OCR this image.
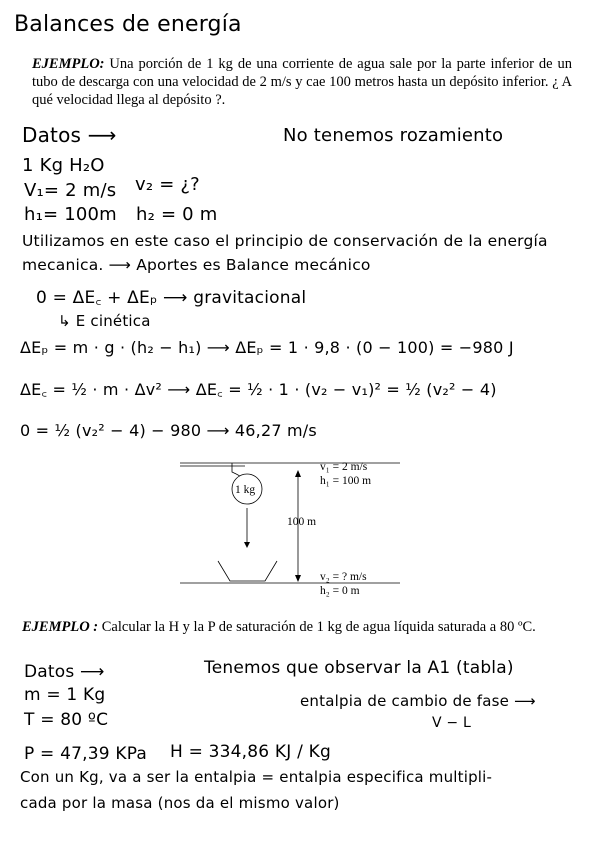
Balances de energía
EJEMPLO: Una porción de 1 kg de una corriente de agua sale por la parte inferior de un tubo de descarga con una velocidad de 2 m/s y cae 100 metros hasta un depósito inferior. ¿ A qué velocidad llega al depósito ?.
Datos ⟶	No tenemos rozamiento
1 Kg H₂O
V₁= 2 m/s v₂ = ¿?
h₁= 100m h₂ = 0 m
Utilizamos en este caso el principio de conservación de la energía
mecanica. ⟶ Aportes es Balance mecánico
0 = ΔE꜀ + ΔEₚ ⟶ gravitacional
↳ E cinética
ΔEₚ = m · g · (h₂ − h₁) ⟶ ΔEₚ = 1 · 9,8 · (0 − 100) = −980 J
ΔE꜀ = ½ · m · Δv² ⟶ ΔE꜀ = ½ · 1 · (v₂ − v₁)² = ½ (v₂² − 4)
0 = ½ (v₂² − 4) − 980 ⟶ 46,27 m/s
1 kg
100 m
v₁ = 2 m/s
h₁ = 100 m
v₂ = ? m/s
h₂ = 0 m
EJEMPLO : Calcular la H y la P de saturación de 1 kg de agua líquida saturada a 80 ºC.
Datos ⟶	Tenemos que observar la A1 (tabla)
m = 1 Kg	entalpia de cambio de fase ⟶
V − L
T = 80 ºC
P = 47,39 KPa H = 334,86 KJ / Kg
Con un Kg, va a ser la entalpia = entalpia especifica multipli-
cada por la masa (nos da el mismo valor)
